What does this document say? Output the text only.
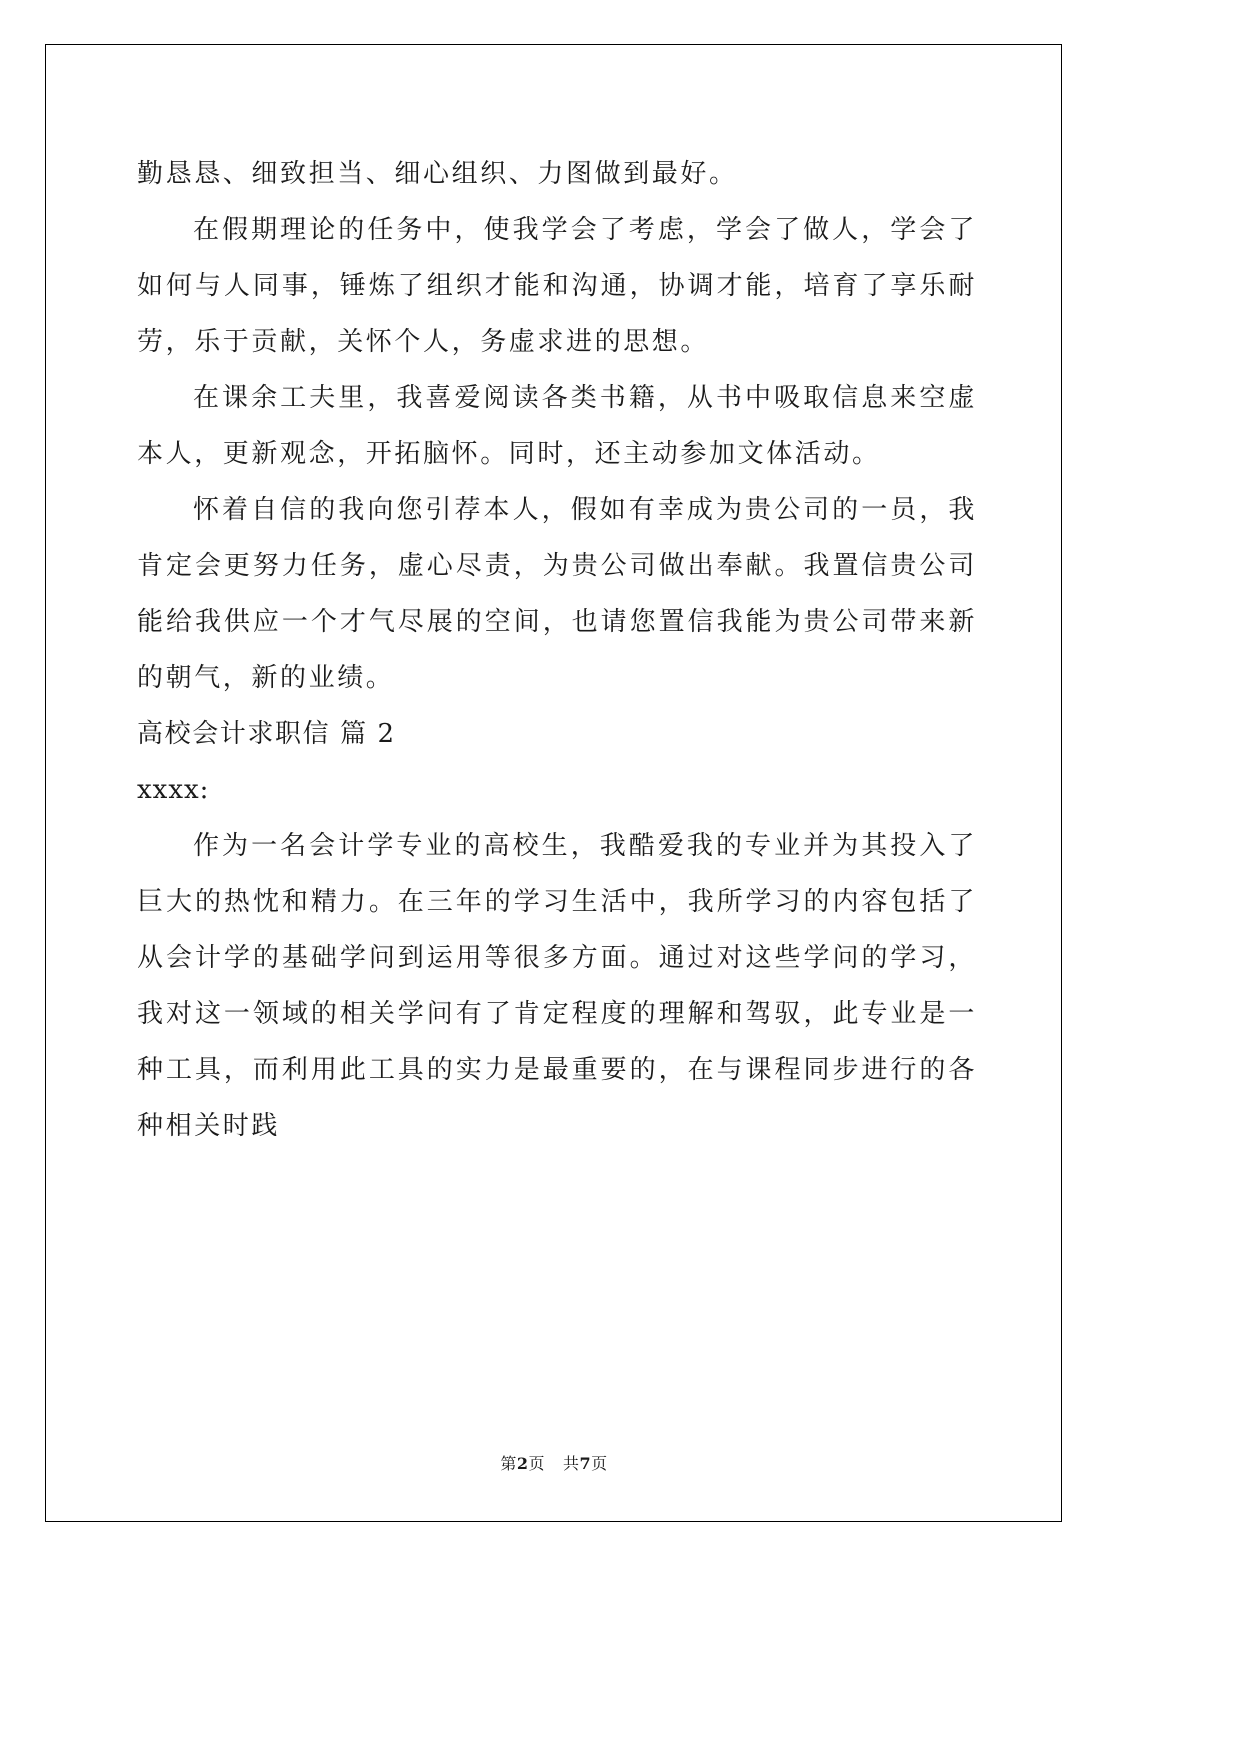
勤恳恳、细致担当、细心组织、力图做到最好。

在假期理论的任务中，使我学会了考虑，学会了做人，学会了如何与人同事，锤炼了组织才能和沟通，协调才能，培育了享乐耐劳，乐于贡献，关怀个人，务虚求进的思想。

在课余工夫里，我喜爱阅读各类书籍，从书中吸取信息来空虚本人，更新观念，开拓脑怀。同时，还主动参加文体活动。

怀着自信的我向您引荐本人，假如有幸成为贵公司的一员，我肯定会更努力任务，虚心尽责，为贵公司做出奉献。我置信贵公司能给我供应一个才气尽展的空间，也请您置信我能为贵公司带来新的朝气，新的业绩。

高校会计求职信 篇 2

xxxx:

作为一名会计学专业的高校生，我酷爱我的专业并为其投入了巨大的热忱和精力。在三年的学习生活中，我所学习的内容包括了从会计学的基础学问到运用等很多方面。通过对这些学问的学习，我对这一领域的相关学问有了肯定程度的理解和驾驭，此专业是一种工具，而利用此工具的实力是最重要的，在与课程同步进行的各种相关时践

第2页 共7页
